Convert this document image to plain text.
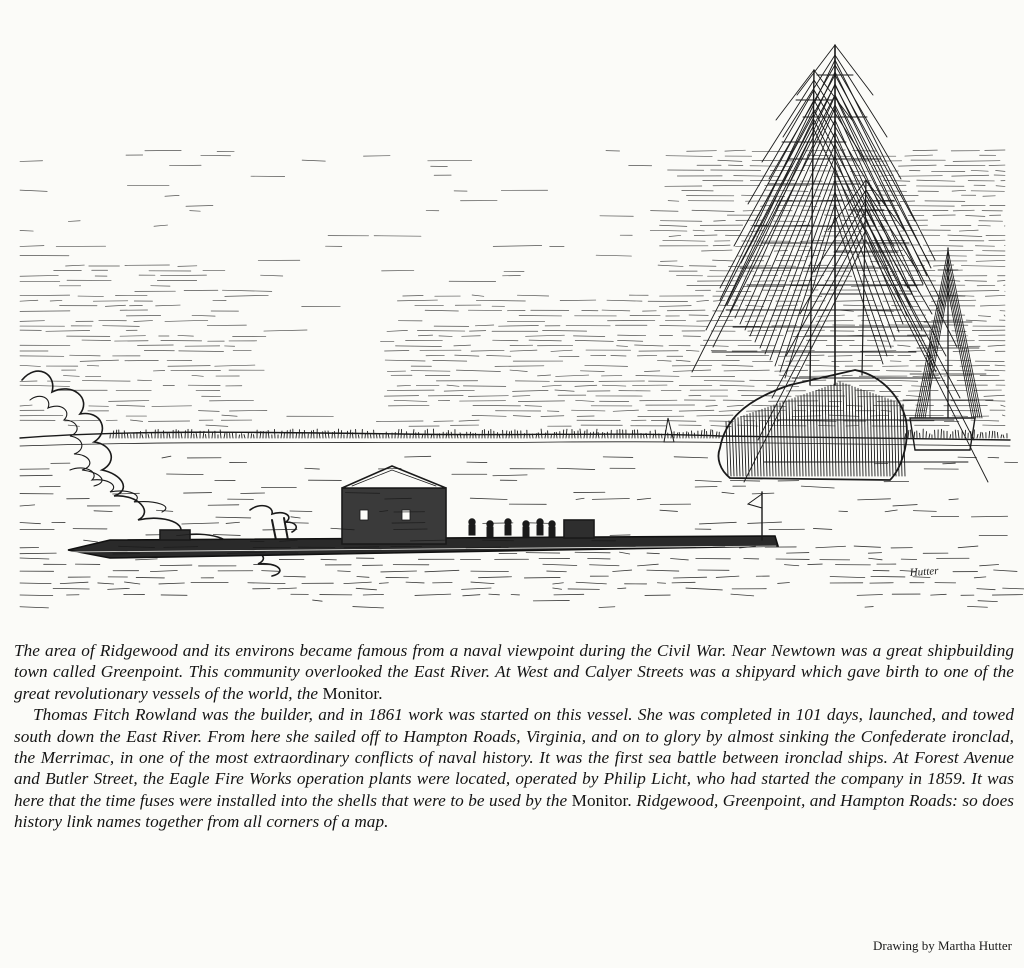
Hutter

The area of Ridgewood and its environs became famous from a naval viewpoint during the Civil War. Near Newtown was a great shipbuilding town called Greenpoint. This community overlooked the East River. At West and Calyer Streets was a shipyard which gave birth to one of the great revolutionary vessels of the world, the Monitor.

Thomas Fitch Rowland was the builder, and in 1861 work was started on this vessel. She was completed in 101 days, launched, and towed south down the East River. From here she sailed off to Hampton Roads, Virginia, and on to glory by almost sinking the Confederate ironclad, the Merrimac, in one of the most extraordinary conflicts of naval history. It was the first sea battle between ironclad ships. At Forest Avenue and Butler Street, the Eagle Fire Works operation plants were located, operated by Philip Licht, who had started the company in 1859. It was here that the time fuses were installed into the shells that were to be used by the Monitor. Ridgewood, Greenpoint, and Hampton Roads: so does history link names together from all corners of a map.

Drawing by Martha Hutter
